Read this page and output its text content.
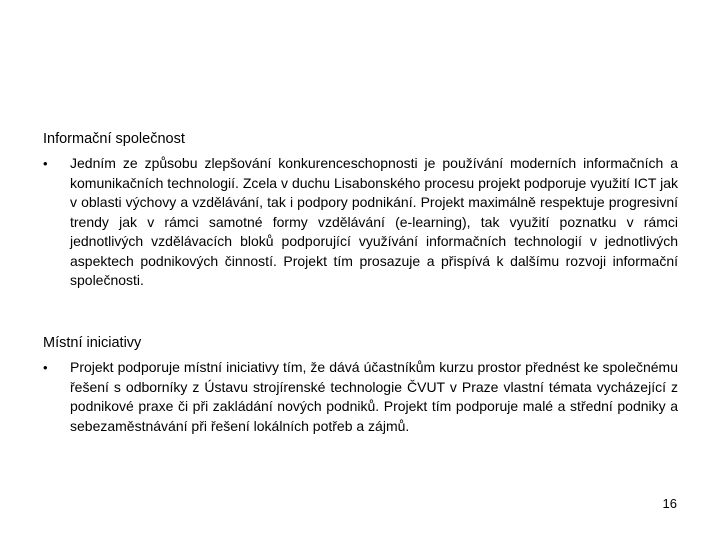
Informační společnost
•	Jedním ze způsobu zlepšování konkurenceschopnosti je používání moderních informačních a komunikačních technologií. Zcela v duchu Lisabonského procesu projekt podporuje využití ICT jak v oblasti výchovy a vzdělávání, tak i podpory podnikání. Projekt maximálně respektuje progresivní trendy jak v rámci samotné formy vzdělávání (e-learning), tak využití poznatku v rámci jednotlivých vzdělávacích bloků podporující využívání informačních technologií v jednotlivých aspektech podnikových činností. Projekt tím prosazuje a přispívá k dalšímu rozvoji informační společnosti.
Místní iniciativy
•	Projekt podporuje místní iniciativy tím, že dává účastníkům kurzu prostor přednést ke společnému řešení s odborníky z Ústavu strojírenské technologie ČVUT v Praze vlastní témata vycházející z podnikové praxe či při zakládání nových podniků. Projekt tím podporuje malé a střední podniky a sebezaměstnávání při řešení lokálních potřeb a zájmů.
16
